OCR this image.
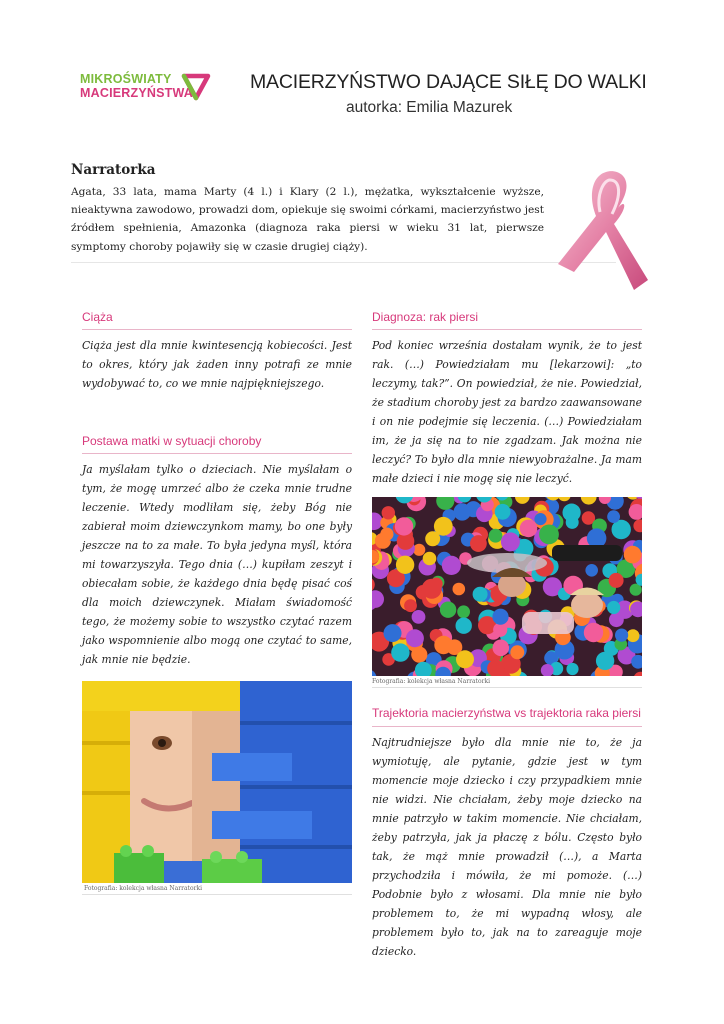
MIKROŚWIATY
MACIERZYŃSTWA	MACIERZYŃSTWO DAJĄCE SIŁĘ DO WALKI
autorka: Emilia Mazurek
Narratorka
Agata, 33 lata, mama Marty (4 l.) i Klary (2 l.), mężatka, wykształcenie wyższe, nieaktywna zawodowo, prowadzi dom, opiekuje się swoimi córkami, macierzyństwo jest źródłem spełnienia, Amazonka (diagnoza raka piersi w wieku 31 lat, pierwsze symptomy choroby pojawiły się w czasie drugiej ciąży).
Ciąża
Ciąża jest dla mnie kwintesencją kobiecości. Jest to okres, który jak żaden inny potrafi ze mnie wydobywać to, co we mnie najpiękniejszego.
Postawa matki w sytuacji choroby
Ja myślałam tylko o dzieciach. Nie myślałam o tym, że mogę umrzeć albo że czeka mnie trudne leczenie. Wtedy modliłam się, żeby Bóg nie zabierał moim dziewczynkom mamy, bo one były jeszcze na to za małe. To była jedyna myśl, która mi towarzyszyła. Tego dnia (…) kupiłam zeszyt i obiecałam sobie, że każdego dnia będę pisać coś dla moich dziewczynek. Miałam świadomość tego, że możemy sobie to wszystko czytać razem jako wspomnienie albo mogą one czytać to same, jak mnie nie będzie.
Diagnoza: rak piersi
Pod koniec września dostałam wynik, że to jest rak. (…) Powiedziałam mu [lekarzowi]: „to leczymy, tak?”. On powiedział, że nie. Powiedział, że stadium choroby jest za bardzo zaawansowane i on nie podejmie się leczenia. (…) Powiedziałam im, że ja się na to nie zgadzam. Jak można nie leczyć? To było dla mnie niewyobrażalne. Ja mam małe dzieci i nie mogę się nie leczyć.
Fotografia: kolekcja własna Narratorki
Trajektoria macierzyństwa vs trajektoria raka piersi
Najtrudniejsze było dla mnie nie to, że ja wymiotuję, ale pytanie, gdzie jest w tym momencie moje dziecko i czy przypadkiem mnie nie widzi. Nie chciałam, żeby moje dziecko na mnie patrzyło w takim momencie. Nie chciałam, żeby patrzyła, jak ja płaczę z bólu. Często było tak, że mąż mnie prowadził (…), a Marta przychodziła i mówiła, że mi pomoże. (…) Podobnie było z włosami. Dla mnie nie było problemem to, że mi wypadną włosy, ale problemem było to, jak na to zareaguje moje dziecko.
Fotografia: kolekcja własna Narratorki
